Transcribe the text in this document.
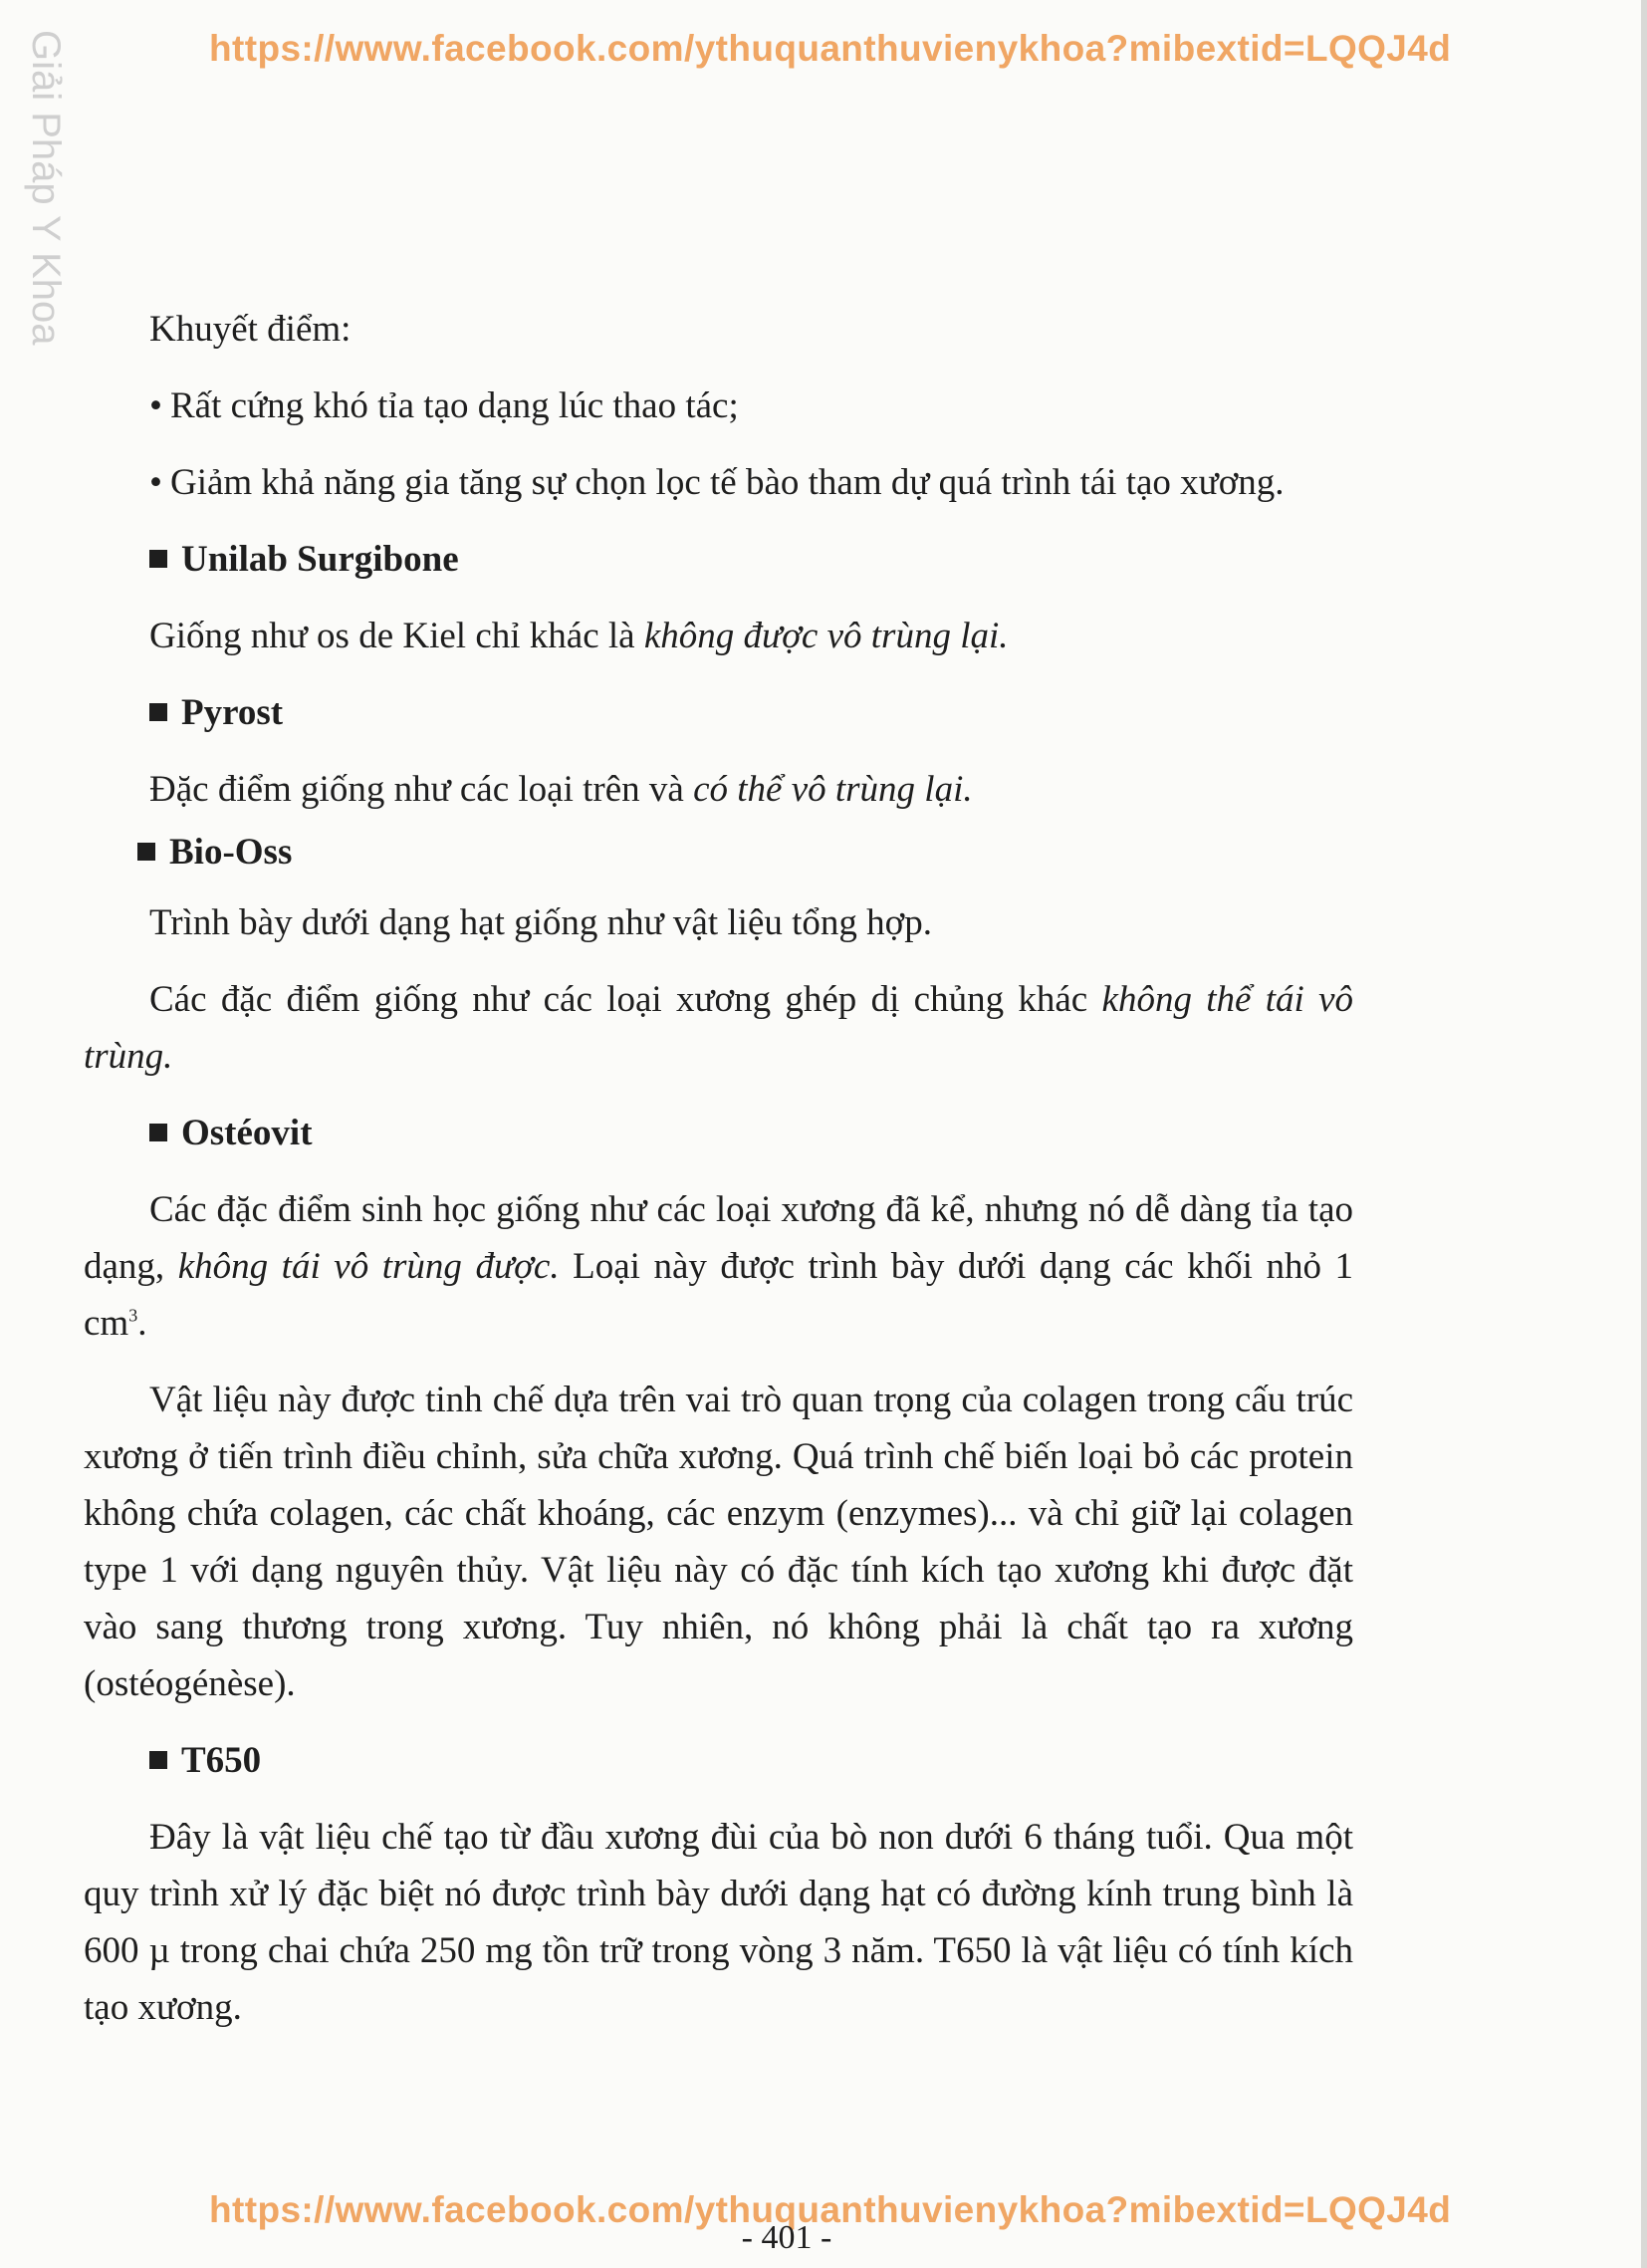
https://www.facebook.com/ythuquanthuvienykhoa?mibextid=LQQJ4d
Giải Pháp Y Khoa	Khuyết điểm:

• Rất cứng khó tỉa tạo dạng lúc thao tác;

• Giảm khả năng gia tăng sự chọn lọc tế bào tham dự quá trình tái tạo xương.

Unilab Surgibone

Giống như os de Kiel chỉ khác là không được vô trùng lại.

Pyrost

Đặc điểm giống như các loại trên và có thể vô trùng lại.

Bio-Oss

Trình bày dưới dạng hạt giống như vật liệu tổng hợp.

Các đặc điểm giống như các loại xương ghép dị chủng khác không thể tái vô trùng.

Ostéovit

Các đặc điểm sinh học giống như các loại xương đã kể, nhưng nó dễ dàng tỉa tạo dạng, không tái vô trùng được. Loại này được trình bày dưới dạng các khối nhỏ 1 $cm^3$.

Vật liệu này được tinh chế dựa trên vai trò quan trọng của colagen trong cấu trúc xương ở tiến trình điều chỉnh, sửa chữa xương. Quá trình chế biến loại bỏ các protein không chứa colagen, các chất khoáng, các enzym (enzymes)... và chỉ giữ lại colagen type 1 với dạng nguyên thủy. Vật liệu này có đặc tính kích tạo xương khi được đặt vào sang thương trong xương. Tuy nhiên, nó không phải là chất tạo ra xương (ostéogénèse).

T650

Đây là vật liệu chế tạo từ đầu xương đùi của bò non dưới 6 tháng tuổi. Qua một quy trình xử lý đặc biệt nó được trình bày dưới dạng hạt có đường kính trung bình là 600 µ trong chai chứa 250 mg tồn trữ trong vòng 3 năm. T650 là vật liệu có tính kích tạo xương.

https://www.facebook.com/ythuquanthuvienykhoa?mibextid=LQQJ4d
- 401 -
